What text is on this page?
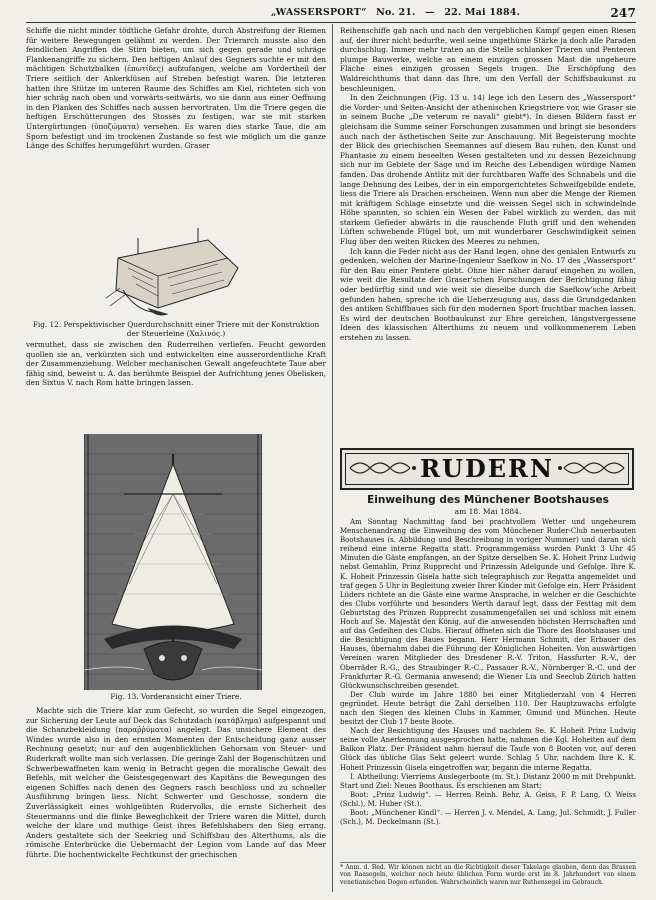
„WASSERSPORT“ No. 21. — 22. Mai 1884.	247

Schiffe die nicht minder tödtliche Gefahr drohte, durch Abstreifung der Riemen für weitere Bewegungen gelähmt zu werden. Der Trierarch musste also den feindlichen Angriffen die Stirn bieten, um sich gegen gerade und schräge Flankenangriffe zu sichern. Den heftigen Anlauf des Gegners suchte er mit den mächtigen Schutzbalken (ἐπωτίδες) aufzufangen, welche am Vordertheil der Triere seitlich der Ankerklüsen auf Streben befestigt waren. Die letzteren hatten ihre Stütze im unteren Raume des Schiffes am Kiel, richteten sich von hier schräg nach oben und vorwärts-seitwärts, wo sie dann aus einer Oeffnung in den Planken des Schiffes nach aussen hervortraten. Um die Triere gegen die heftigen Erschütterungen des Stosses zu festigen, war sie mit starken Untergürtungen (ὑποζώματα) versehen. Es waren dies starke Taue, die am Sporn befestigt und im trockenen Zustande so fest wie möglich um die ganze Länge des Schiffes herumgeführt wurden. Graser

Fig. 12. Perspektivischer Querdurchschnitt einer Triere mit der Konstruktion der Steuerleine (Χαλινός.)

vermuthet, dass sie zwischen den Ruderreihen verliefen. Feucht geworden quollen sie an, verkürzten sich und entwickelten eine ausserordentliche Kraft der Zusammenziehung. Welcher mechanischen Gewalt angefeuchtete Taue aber fähig sind, beweist u. A. das berühmte Beispiel der Aufrichtung jenes Obelisken, den Sixtus V. nach Rom hatte bringen lassen.

Fig. 13. Vorderansicht einer Triere.

Machte sich die Triere klar zum Gefecht, so wurden die Segel eingezogen, zur Sicherung der Leute auf Deck das Schutzdach (κατάβλημα) aufgespannt und die Schanzbekleidung (παραῤῥύματα) angelegt. Das unsichere Element des Windes wurde also in den ernsten Momenten der Entscheidung ganz ausser Rechnung gesetzt; nur auf den augenblicklichen Gehorsam von Steuer- und Ruderkraft wollte man sich verlassen. Die geringe Zahl der Bogenschützen und Schwerbewaffneten kam wenig in Betracht gegen die moralische Gewalt des Befehls, mit welcher die Geistesgegenwart des Kapitäns die Bewegungen des eigenen Schiffes nach denen des Gegners rasch beschloss und zu schneller Ausführung bringen liess. Nicht Schwerter und Geschosse, sondern die Zuverlässigkeit eines wohlgeübten Rudervolks, die ernste Sicherheit des Steuermanns und die flinke Beweglichkeit der Triere waren die Mittel, durch welche der klare und muthige Geist ihres Befehlshabers den Sieg errang. Anders gestaltete sich der Seekrieg und Schiffsbau des Alterthums, als die römische Enterbrücke die Uebermacht der Legion vom Lande auf das Meer führte. Die hochentwickelte Fechtkunst der griechischen

Reihenschiffe gab nach und nach den vergeblichen Kampf gegen einen Riesen auf, der ihrer nicht bedurfte, weil seine ungethüme Stärke ja doch alle Paraden durchschlug. Immer mehr traten an die Stelle schlanker Trieren und Penteren plumpe Bauwerke, welche an einem einzigen grossen Mast die ungeheure Fläche eines einzigen grossen Segels trugen. Die Erschöpfung des Waldreichthums that dann das Ihre, um den Verfall der Schiffsbaukunst zu beschleunigen.

In den Zeichnungen (Fig. 13 u. 14) lege ich den Lesern des „Wassersport“ die Vorder- und Seiten-Ansicht der athenischen Kriegstriere vor, wie Graser sie in seinem Buche „De veterum re navali“ giebt*). In diesen Bildern fasst er gleichsam die Summe seiner Forschungen zusammen und bringt sie besonders auch nach der ästhetischen Seite zur Anschauung. Mit Begeisterung mochte der Blick des griechischen Seemannes auf diesem Bau ruhen, den Kunst und Phantasie zu einem beseelten Wesen gestalteten und zu dessen Bezeichnung sich nur im Gebiete der Sage und im Reiche des Lebendigen würdige Namen fanden. Das drohende Antlitz mit der furchtbaren Waffe des Schnabels und die lange Dehnung des Leibes, der in ein emporgerichtetes Schweifgebilde endete, liess die Triere als Drachen erscheinen. Wenn nun aber die Menge der Riemen mit kräftigem Schlage einsetzte und die weissen Segel sich in schwindelnde Höhe spannten, so schien ein Wesen der Fabel wirklich zu werden, das mit starkem Gefieder abwärts in die rauschende Fluth griff und den wehenden Lüften schwebende Flügel bot, um mit wunderbarer Geschwindigkeit seinen Flug über den weiten Rücken des Meeres zu nehmen.

Ich kann die Feder nicht aus der Hand legen, ohne des genialen Entwurfs zu gedenken, welchen der Marine-Ingenieur Saefkow in No. 17 des „Wassersport“ für den Bau einer Pentere giebt. Ohne hier näher darauf eingehen zu wollen, wie weit die Resultate der Graser'schen Forschungen der Berichtigung fähig oder bedürftig sind und wie weit sie dieselbe durch die Saefkow'sche Arbeit gefunden haben, spreche ich die Ueberzeugung aus, dass die Grundgedanken des antiken Schiffbaues sich für den modernen Sport fruchtbar machen lassen. Es wird der deutschen Bootbaukunst zur Ehre gereichen, längstvergessene Ideen des klassischen Alterthums zu neuem und vollkommenerem Leben erstehen zu lassen.

RUDERN
Einweihung des Münchener Bootshauses
am 18. Mai 1884.

Am Sonntag Nachmittag fand bei prachtvollem Wetter und ungeheurem Menschenandrang die Einweihung des vom Münchener Ruder-Club neuerbauten Bootshauses (s. Abbildung und Beschreibung in voriger Nummer) und daran sich reihend eine interne Regatta statt. Programmgemäss wurden Punkt 3 Uhr 45 Minuten die Gäste empfangen, an der Spitze derselben Se. K. Hoheit Prinz Ludwig nebst Gemahlin, Prinz Rupprecht und Prinzessin Adelgunde und Gefolge. Ihre K. K. Hoheit Prinzessin Gisela hatte sich telegraphisch zur Regatta angemeldet und traf gegen 5 Uhr in Begleitung zweier Ihrer Kinder mit Gefolge ein. Herr Präsident Lüders richtete an die Gäste eine warme Ansprache, in welcher er die Geschichte des Clubs vorführte und besonders Werth darauf legt, dass der Festtag mit dem Geburtstag des Prinzen Rupprecht zusammengefallen sei und schloss mit einem Hoch auf Se. Majestät den König, auf die anwesenden höchsten Herrschaften und auf das Gedeihen des Clubs. Hierauf öffneten sich die Thore des Bootshauses und die Besichtigung des Baues begann. Herr Hermann Schmitt, der Erbauer des Hauses, übernahm dabei die Führung der Königlichen Hoheiten. Von auswärtigen Vereinen waren Mitglieder des Dresdener R.-V. Triton, Hassfurter R.-V., der Oberräder R.-G., des Straubinger R.-C., Passauer R.-V., Nürnberger R.-C. und der Frankfurter R.-G. Germania anwesend; die Wiener Lia und Seeclub Zürich hatten Glückwunschschreiben gesendet.

Der Club wurde im Jahre 1880 bei einer Mitgliederzahl von 4 Herren gegründet. Heute beträgt die Zahl derselben 110. Der Hauptzuwachs erfolgte nach den Siegen des kleinen Clubs in Kammer, Gmund und München. Heute besitzt der Club 17 beste Boote.

Nach der Besichtigung des Hauses und nachdem Se. K. Hoheit Prinz Ludwig seine volle Anerkennung ausgesprochen hatte, nahmen die Kgl. Hoheiten auf dem Balkon Platz. Der Präsident nahm hierauf die Taufe von 8 Booten vor, auf deren Glück das übliche Glas Sekt geleert wurde. Schlag 5 Uhr, nachdem Ihre K. K. Hoheit Prinzessin Gisela eingetroffen war, begann die interne Regatta.

I. Abtheilung: Vierriems Auslegerboote (m. St.). Distanz 2000 m mit Drehpunkt. Start und Ziel: Neues Boothaus. Es erschienen am Start:

Boot: „Prinz Ludwig“. — Herren Reinh. Behr, A. Geiss, F. P. Lang, O. Weiss (Schl.), M. Huber (St.).

Boot: „Münchener Kindl“. — Herren J. v. Mendel, A. Lang, Jul. Schmidt, J. Fuller (Sch.), M. Deckelmann (St.).

* Anm. d. Red. Wir können nicht an die Richtigkeit dieser Takelage glauben, denn das Brassen von Raasegeln, welcher noch heute üblichen Form wurde erst im 8. Jahrhundert von einem venetianischen Dogen erfunden. Wahrscheinlich waren nur Ruthensegel im Gebrauch.
